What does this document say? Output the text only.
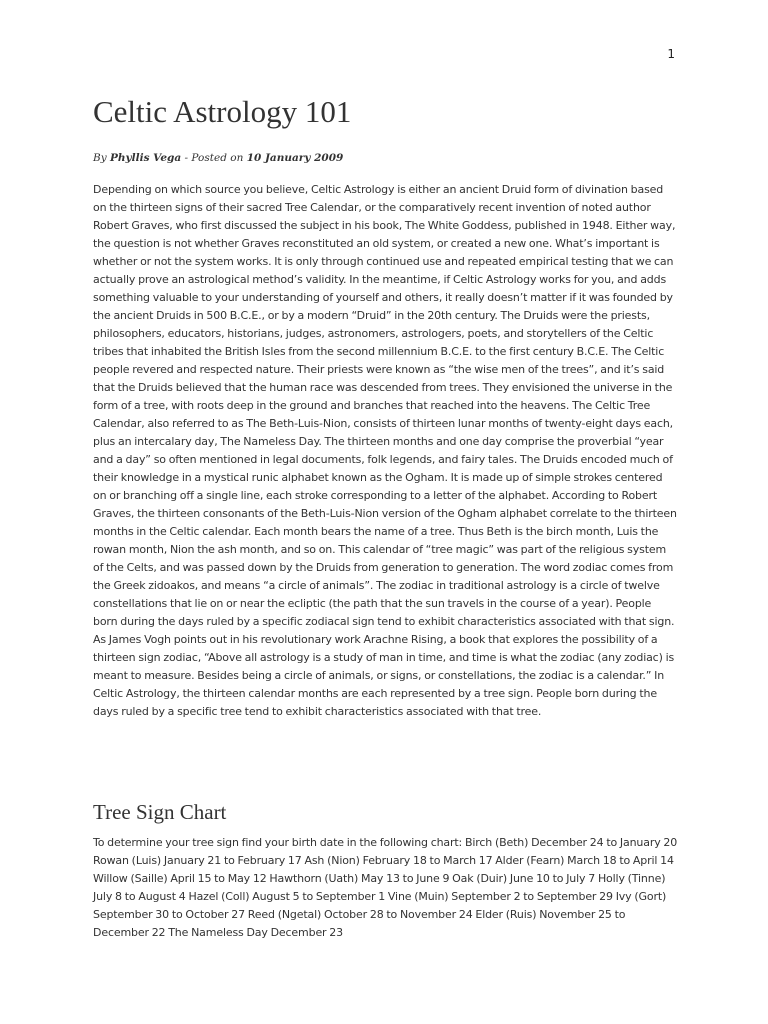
1
Celtic Astrology 101
By Phyllis Vega - Posted on 10 January 2009

Depending on which source you believe, Celtic Astrology is either an ancient Druid form of divination based on the thirteen signs of their sacred Tree Calendar, or the comparatively recent invention of noted author Robert Graves, who first discussed the subject in his book, The White Goddess, published in 1948. Either way, the question is not whether Graves reconstituted an old system, or created a new one. What’s important is whether or not the system works. It is only through continued use and repeated empirical testing that we can actually prove an astrological method’s validity. In the meantime, if Celtic Astrology works for you, and adds something valuable to your understanding of yourself and others, it really doesn’t matter if it was founded by the ancient Druids in 500 B.C.E., or by a modern “Druid” in the 20th century. The Druids were the priests, philosophers, educators, historians, judges, astronomers, astrologers, poets, and storytellers of the Celtic tribes that inhabited the British Isles from the second millennium B.C.E. to the first century B.C.E. The Celtic people revered and respected nature. Their priests were known as “the wise men of the trees”, and it’s said that the Druids believed that the human race was descended from trees. They envisioned the universe in the form of a tree, with roots deep in the ground and branches that reached into the heavens. The Celtic Tree Calendar, also referred to as The Beth-Luis-Nion, consists of thirteen lunar months of twenty-eight days each, plus an intercalary day, The Nameless Day. The thirteen months and one day comprise the proverbial “year and a day” so often mentioned in legal documents, folk legends, and fairy tales. The Druids encoded much of their knowledge in a mystical runic alphabet known as the Ogham. It is made up of simple strokes centered on or branching off a single line, each stroke corresponding to a letter of the alphabet. According to Robert Graves, the thirteen consonants of the Beth-Luis-Nion version of the Ogham alphabet correlate to the thirteen months in the Celtic calendar. Each month bears the name of a tree. Thus Beth is the birch month, Luis the rowan month, Nion the ash month, and so on. This calendar of “tree magic” was part of the religious system of the Celts, and was passed down by the Druids from generation to generation. The word zodiac comes from the Greek zidoakos, and means “a circle of animals”. The zodiac in traditional astrology is a circle of twelve constellations that lie on or near the ecliptic (the path that the sun travels in the course of a year). People born during the days ruled by a specific zodiacal sign tend to exhibit characteristics associated with that sign. As James Vogh points out in his revolutionary work Arachne Rising, a book that explores the possibility of a thirteen sign zodiac, “Above all astrology is a study of man in time, and time is what the zodiac (any zodiac) is meant to measure. Besides being a circle of animals, or signs, or constellations, the zodiac is a calendar.” In Celtic Astrology, the thirteen calendar months are each represented by a tree sign. People born during the days ruled by a specific tree tend to exhibit characteristics associated with that tree.

Tree Sign Chart

To determine your tree sign find your birth date in the following chart: Birch (Beth) December 24 to January 20 Rowan (Luis) January 21 to February 17 Ash (Nion) February 18 to March 17 Alder (Fearn) March 18 to April 14 Willow (Saille) April 15 to May 12 Hawthorn (Uath) May 13 to June 9 Oak (Duir) June 10 to July 7 Holly (Tinne) July 8 to August 4 Hazel (Coll) August 5 to September 1 Vine (Muin) September 2 to September 29 Ivy (Gort) September 30 to October 27 Reed (Ngetal) October 28 to November 24 Elder (Ruis) November 25 to December 22 The Nameless Day December 23
